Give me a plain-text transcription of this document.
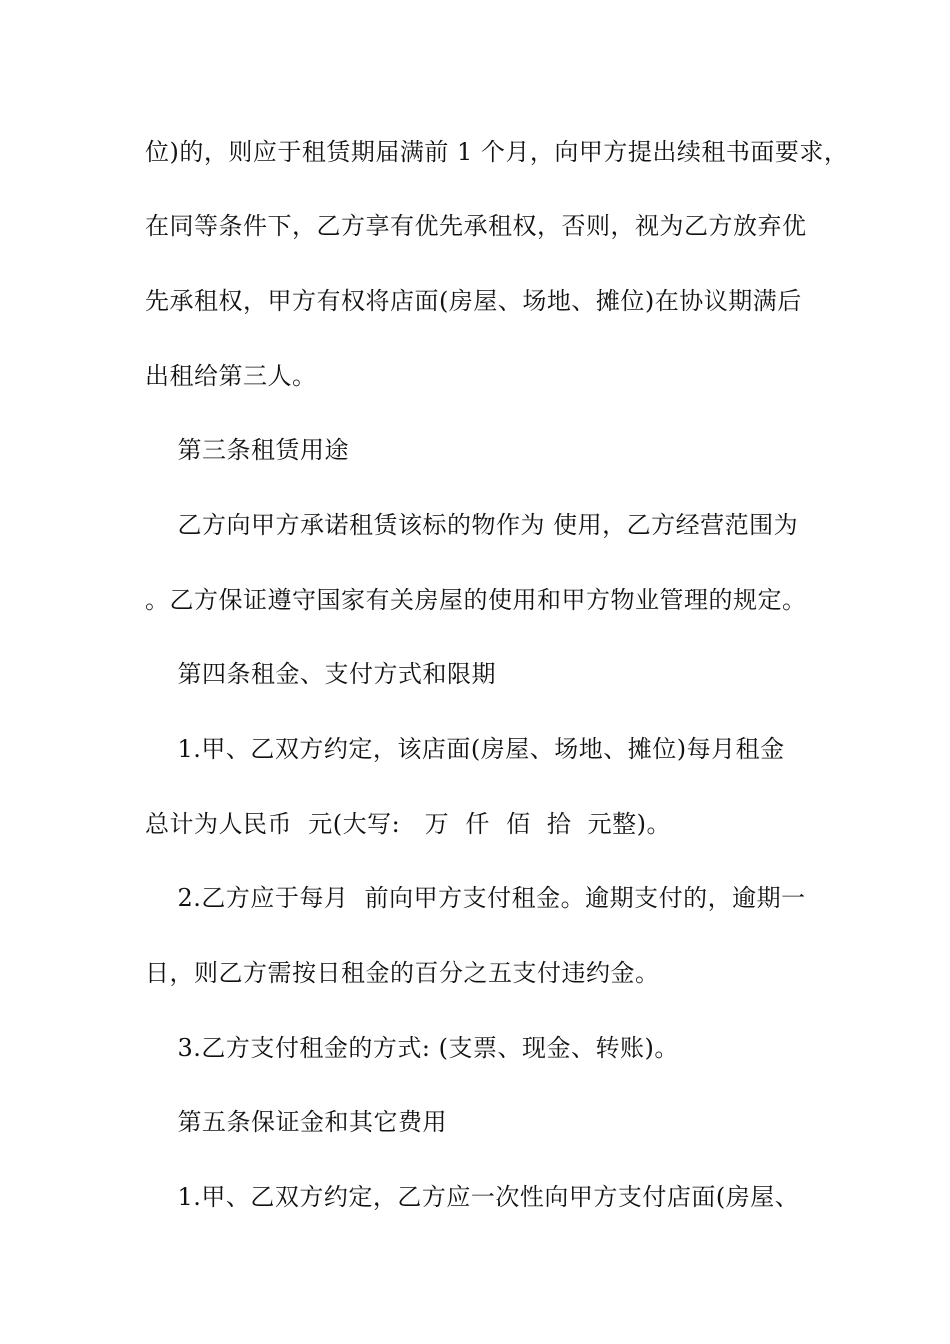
位)的，则应于租赁期届满前 1 个月，向甲方提出续租书面要求，
在同等条件下，乙方享有优先承租权，否则，视为乙方放弃优
先承租权，甲方有权将店面(房屋、场地、摊位)在协议期满后
出租给第三人。
第三条租赁用途
乙方向甲方承诺租赁该标的物作为 使用，乙方经营范围为
。乙方保证遵守国家有关房屋的使用和甲方物业管理的规定。
第四条租金、支付方式和限期
1.甲、乙双方约定，该店面(房屋、场地、摊位)每月租金
总计为人民币  元(大写:   万  仟  佰  拾  元整)。
2.乙方应于每月  前向甲方支付租金。逾期支付的，逾期一
日，则乙方需按日租金的百分之五支付违约金。
3.乙方支付租金的方式: (支票、现金、转账)。
第五条保证金和其它费用
1.甲、乙双方约定，乙方应一次性向甲方支付店面(房屋、
